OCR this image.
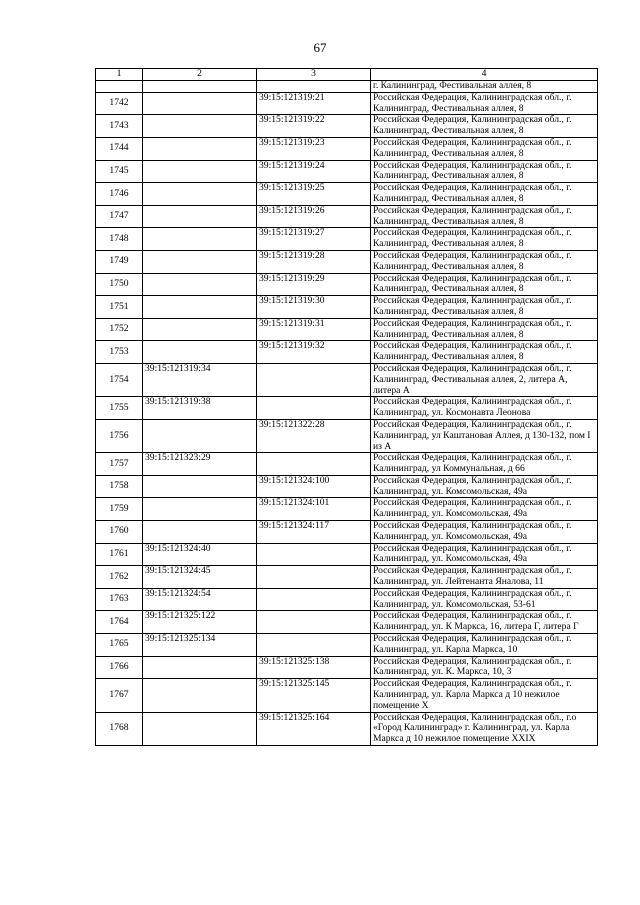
67
1	2	3	4
			г. Калининград, Фестивальная аллея, 8
1742		39:15:121319:21	Российская Федерация, Калининградская обл., г. Калининград, Фестивальная аллея, 8
1743		39:15:121319:22	Российская Федерация, Калининградская обл., г. Калининград, Фестивальная аллея, 8
1744		39:15:121319:23	Российская Федерация, Калининградская обл., г. Калининград, Фестивальная аллея, 8
1745		39:15:121319:24	Российская Федерация, Калининградская обл., г. Калининград, Фестивальная аллея, 8
1746		39:15:121319:25	Российская Федерация, Калининградская обл., г. Калининград, Фестивальная аллея, 8
1747		39:15:121319:26	Российская Федерация, Калининградская обл., г. Калининград, Фестивальная аллея, 8
1748		39:15:121319:27	Российская Федерация, Калининградская обл., г. Калининград, Фестивальная аллея, 8
1749		39:15:121319:28	Российская Федерация, Калининградская обл., г. Калининград, Фестивальная аллея, 8
1750		39:15:121319:29	Российская Федерация, Калининградская обл., г. Калининград, Фестивальная аллея, 8
1751		39:15:121319:30	Российская Федерация, Калининградская обл., г. Калининград, Фестивальная аллея, 8
1752		39:15:121319:31	Российская Федерация, Калининградская обл., г. Калининград, Фестивальная аллея, 8
1753		39:15:121319:32	Российская Федерация, Калининградская обл., г. Калининград, Фестивальная аллея, 8
1754	39:15:121319:34		Российская Федерация, Калининградская обл., г. Калининград, Фестивальная аллея, 2, литера А, литера А
1755	39:15:121319:38		Российская Федерация, Калининградская обл., г. Калининград, ул. Космонавта Леонова
1756		39:15:121322:28	Российская Федерация, Калининградская обл., г. Калининград, ул Каштановая Аллея, д 130-132, пом I из А
1757	39:15:121323:29		Российская Федерация, Калининградская обл., г. Калининград, ул Коммунальная, д 66
1758		39:15:121324:100	Российская Федерация, Калининградская обл., г. Калининград, ул. Комсомольская, 49а
1759		39:15:121324:101	Российская Федерация, Калининградская обл., г. Калининград, ул. Комсомольская, 49а
1760		39:15:121324:117	Российская Федерация, Калининградская обл., г. Калининград, ул. Комсомольская, 49а
1761	39:15:121324:40		Российская Федерация, Калининградская обл., г. Калининград, ул. Комсомольская, 49а
1762	39:15:121324:45		Российская Федерация, Калининградская обл., г. Калининград, ул. Лейтенанта Яналова, 11
1763	39:15:121324:54		Российская Федерация, Калининградская обл., г. Калининград, ул. Комсомольская, 53-61
1764	39:15:121325:122		Российская Федерация, Калининградская обл., г. Калининград, ул. К Маркса, 16, литера Г, литера Г
1765	39:15:121325:134		Российская Федерация, Калининградская обл., г. Калининград, ул. Карла Маркса, 10
1766		39:15:121325:138	Российская Федерация, Калининградская обл., г. Калининград, ул. К. Маркса, 10, 3
1767		39:15:121325:145	Российская Федерация, Калининградская обл., г. Калининград, ул. Карла Маркса д 10 нежилое помещение X
1768		39:15:121325:164	Российская Федерация, Калининградская обл., г.о «Город Калининград» г. Калининград, ул. Карла Маркса д 10 нежилое помещение XXIX
